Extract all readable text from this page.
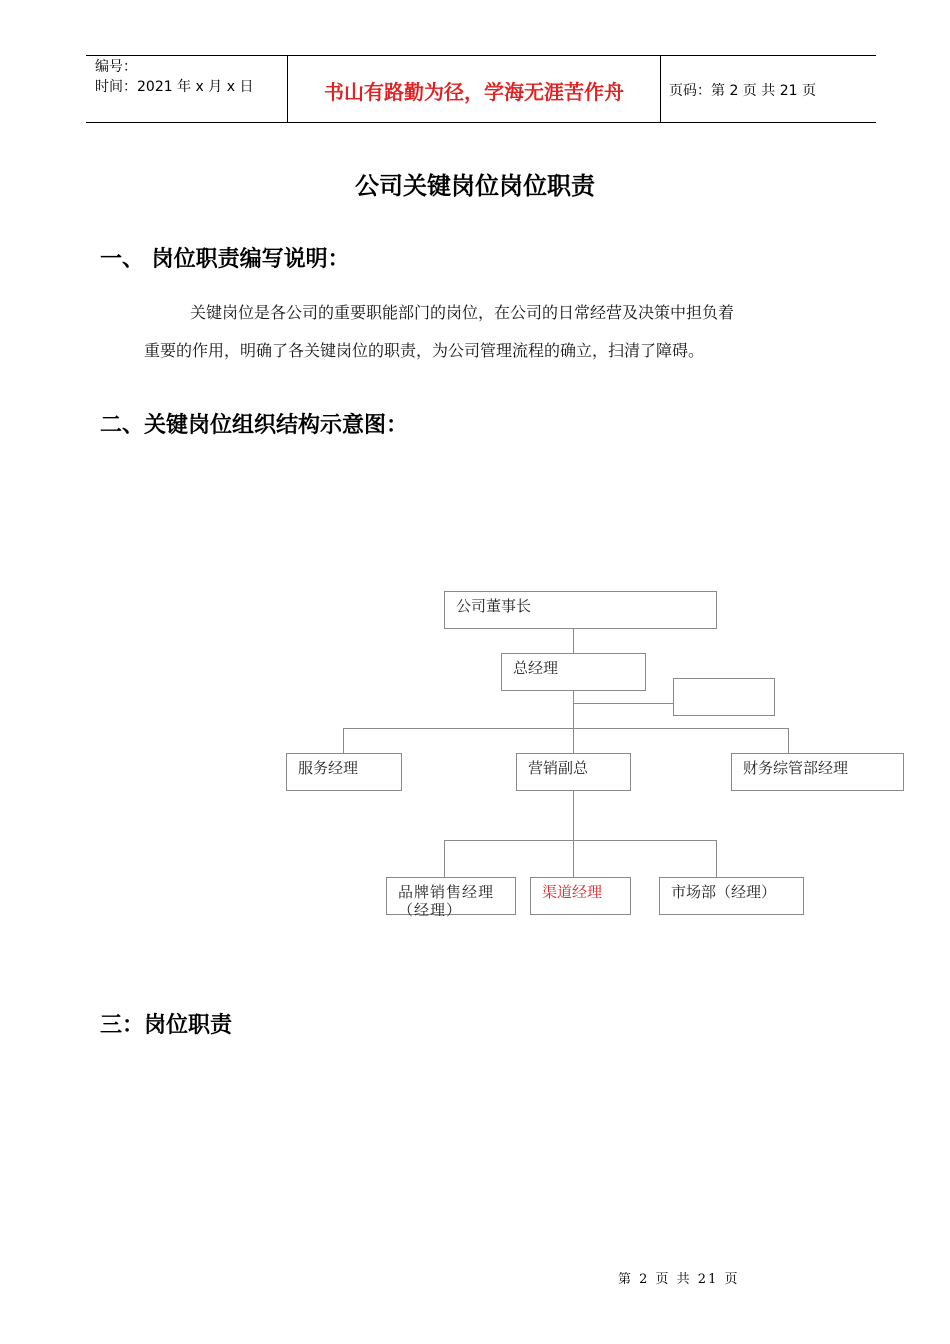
编号：
时间：2021 年 x 月 x 日	书山有路勤为径，学海无涯苦作舟	页码：第 2 页 共 21 页
公司关键岗位岗位职责
一、 岗位职责编写说明：
关键岗位是各公司的重要职能部门的岗位，在公司的日常经营及决策中担负着
重要的作用，明确了各关键岗位的职责，为公司管理流程的确立，扫清了障碍。
二、关键岗位组织结构示意图：
公司董事长
总经理
服务经理	营销副总	财务综管部经理
品牌销售经理（经理）
渠道经理	市场部（经理）
三：岗位职责
第 2 页 共 21 页
